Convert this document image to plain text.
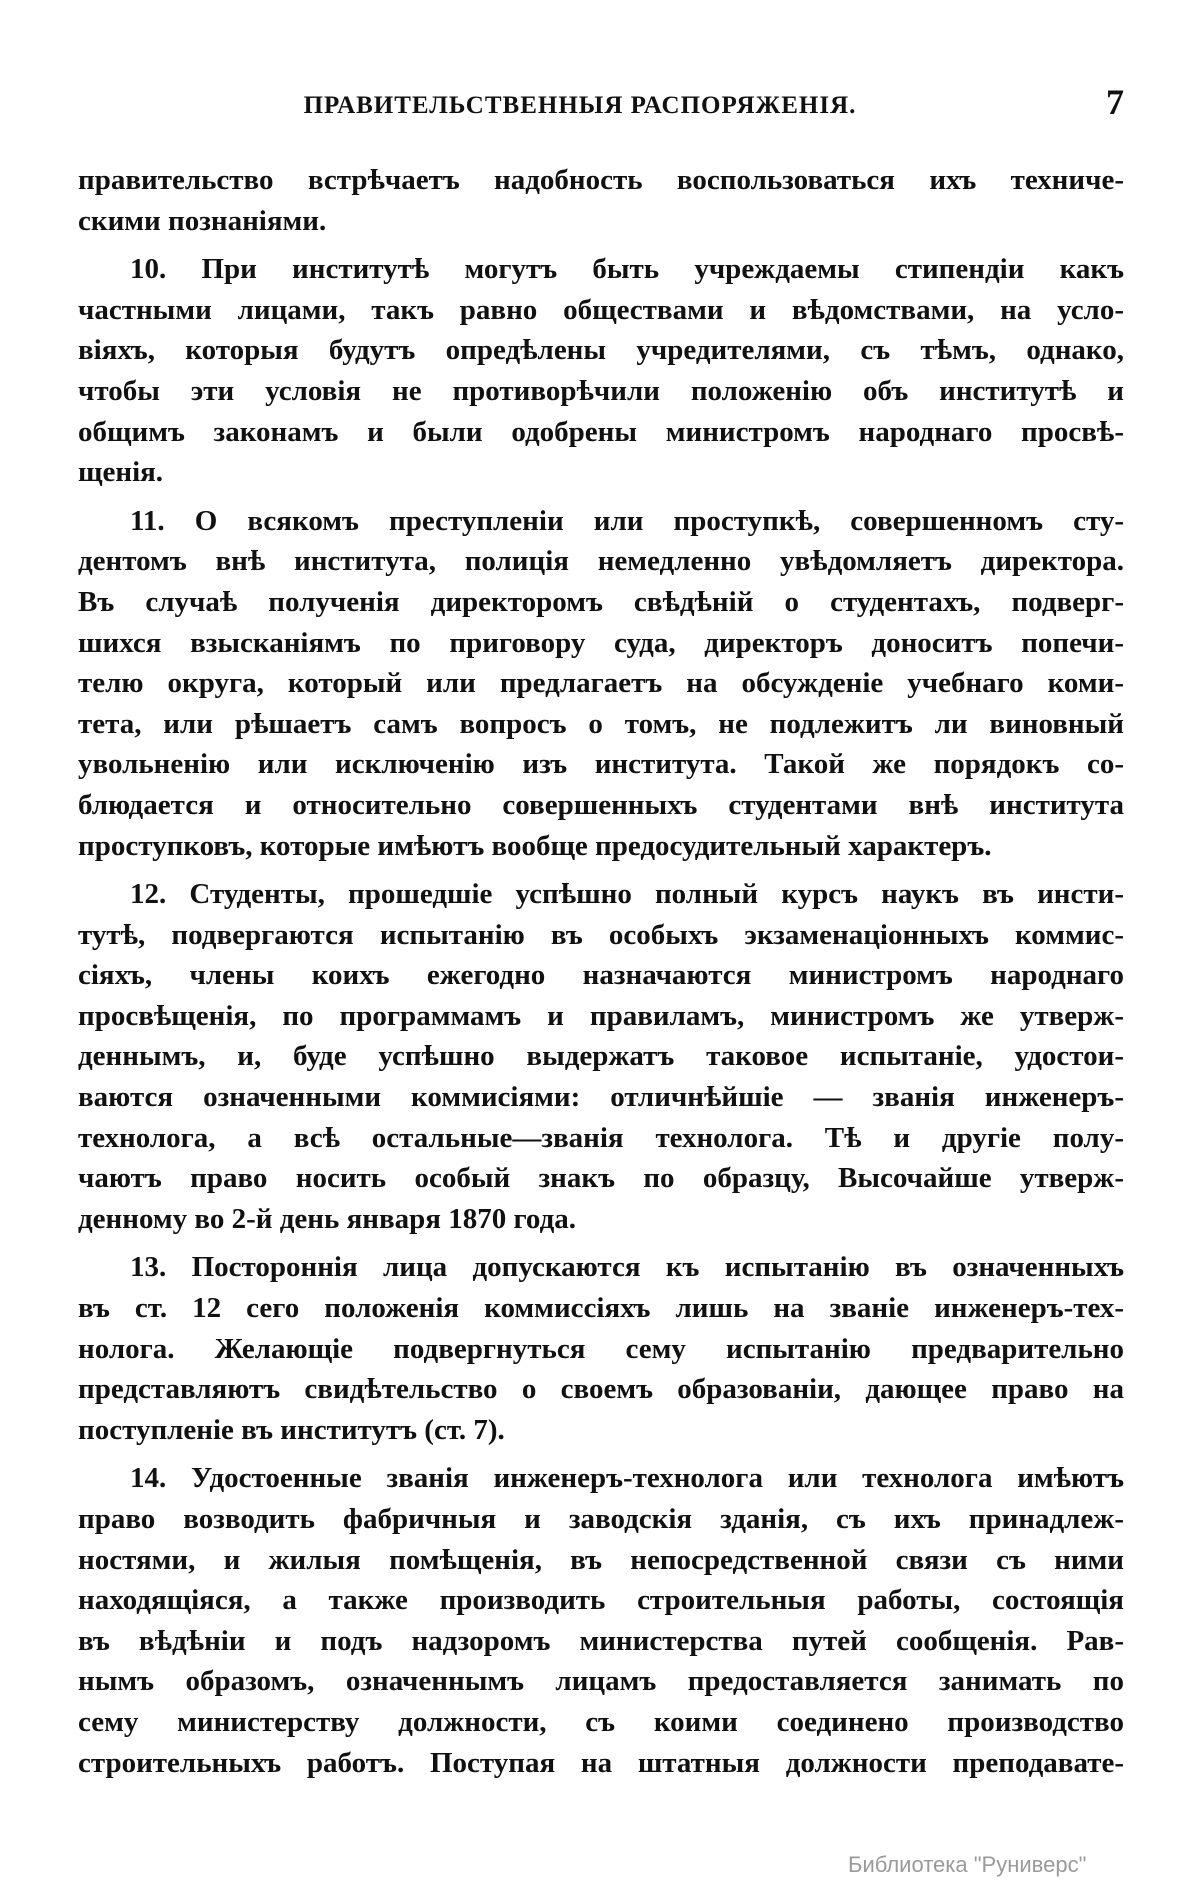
ПРАВИТЕЛЬСТВЕННЫЯ РАСПОРЯЖЕНІЯ.	7
правительство встрѣчаетъ надобность воспользоваться ихъ техниче-
скими познаніями.
10. При институтѣ могутъ быть учреждаемы стипендіи какъ
частными лицами, такъ равно обществами и вѣдомствами, на усло-
віяхъ, которыя будутъ опредѣлены учредителями, съ тѣмъ, однако,
чтобы эти условія не противорѣчили положенію объ институтѣ и
общимъ законамъ и были одобрены министромъ народнаго просвѣ-
щенія.
11. О всякомъ преступленіи или проступкѣ, совершенномъ сту-
дентомъ внѣ института, полиція немедленно увѣдомляетъ директора.
Въ случаѣ полученія директоромъ свѣдѣній о студентахъ, подверг-
шихся взысканіямъ по приговору суда, директоръ доноситъ попечи-
телю округа, который или предлагаетъ на обсужденіе учебнаго коми-
тета, или рѣшаетъ самъ вопросъ о томъ, не подлежитъ ли виновный
увольненію или исключенію изъ института. Такой же порядокъ со-
блюдается и относительно совершенныхъ студентами внѣ института
проступковъ, которые имѣютъ вообще предосудительный характеръ.
12. Студенты, прошедшіе успѣшно полный курсъ наукъ въ инсти-
тутѣ, подвергаются испытанію въ особыхъ экзаменаціонныхъ коммис-
сіяхъ, члены коихъ ежегодно назначаются министромъ народнаго
просвѣщенія, по программамъ и правиламъ, министромъ же утверж-
деннымъ, и, буде успѣшно выдержатъ таковое испытаніе, удостои-
ваются означенными коммисіями: отличнѣйшіе — званія инженеръ-
технолога, а всѣ остальные—званія технолога. Тѣ и другіе полу-
чаютъ право носить особый знакъ по образцу, Высочайше утверж-
денному во 2-й день января 1870 года.
13. Постороннія лица допускаются къ испытанію въ означенныхъ
въ ст. 12 сего положенія коммиссіяхъ лишь на званіе инженеръ-тех-
нолога. Желающіе подвергнуться сему испытанію предварительно
представляютъ свидѣтельство о своемъ образованіи, дающее право на
поступленіе въ институтъ (ст. 7).
14. Удостоенные званія инженеръ-технолога или технолога имѣютъ
право возводить фабричныя и заводскія зданія, съ ихъ принадлеж-
ностями, и жилыя помѣщенія, въ непосредственной связи съ ними
находящіяся, а также производить строительныя работы, состоящія
въ вѣдѣніи и подъ надзоромъ министерства путей сообщенія. Рав-
нымъ образомъ, означеннымъ лицамъ предоставляется занимать по
сему министерству должности, съ коими соединено производство
строительныхъ работъ. Поступая на штатныя должности преподавате-
Библиотека "Руниверс"
